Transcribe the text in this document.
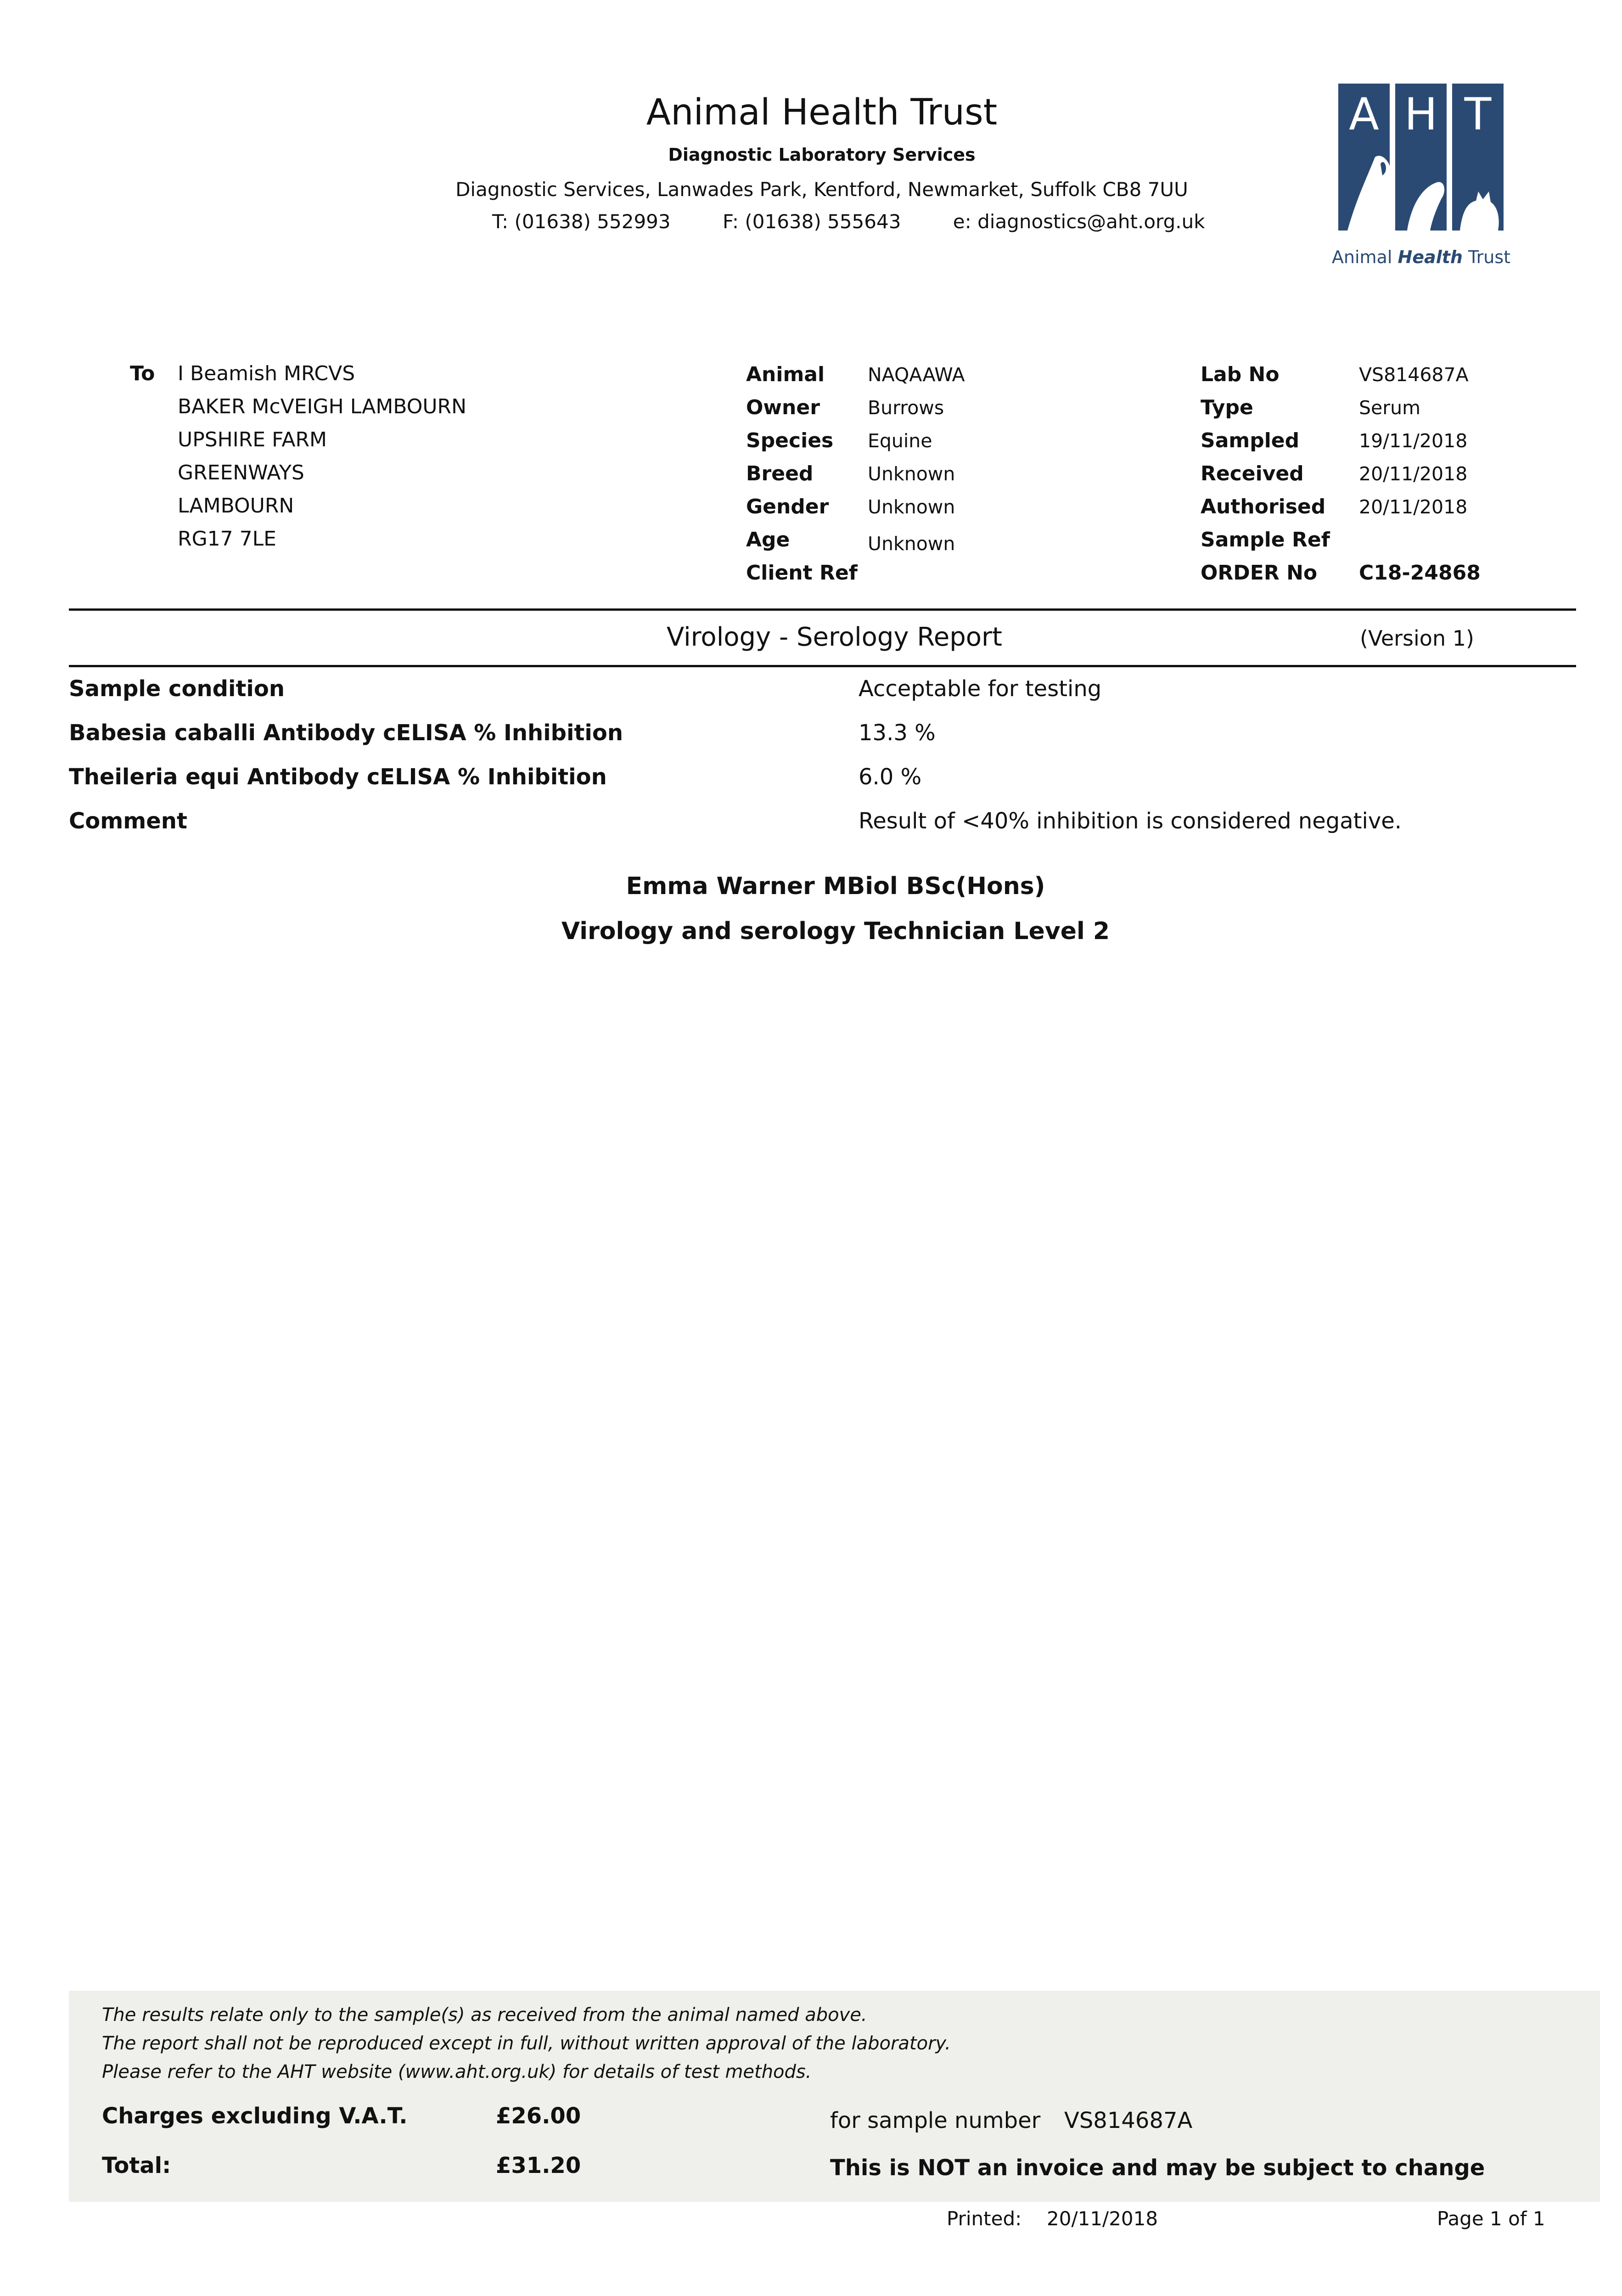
Animal Health Trust
Diagnostic Laboratory Services
Diagnostic Services, Lanwades Park, Kentford, Newmarket, Suffolk CB8 7UU
T: (01638) 552993	F: (01638) 555643	e: diagnostics@aht.org.uk
A H T
Animal Health Trust
To I Beamish MRCVS
BAKER McVEIGH LAMBOURN
UPSHIRE FARM
GREENWAYS
LAMBOURN
RG17 7LE
Animal NAQAAWA
Owner	Burrows
Species Equine
Breed	Unknown
Gender Unknown
Age	Unknown
Client Ref
Lab No	VS814687A
Type	Serum
Sampled	19/11/2018
Received	20/11/2018
Authorised 20/11/2018
Sample Ref
ORDER No C18-24868
Virology - Serology Report	(Version 1)
Sample condition	Acceptable for testing
Babesia caballi Antibody cELISA % Inhibition	13.3 %
Theileria equi Antibody cELISA % Inhibition	6.0 %
Comment	Result of <40% inhibition is considered negative.
Emma Warner MBiol BSc(Hons)
Virology and serology Technician Level 2
The results relate only to the sample(s) as received from the animal named above.
The report shall not be reproduced except in full, without written approval of the laboratory.
Please refer to the AHT website (www.aht.org.uk) for details of test methods.
Charges excluding V.A.T.	£26.00	for sample number VS814687A
Total:	£31.20	This is NOT an invoice and may be subject to change
Printed: 20/11/2018	Page 1 of 1
